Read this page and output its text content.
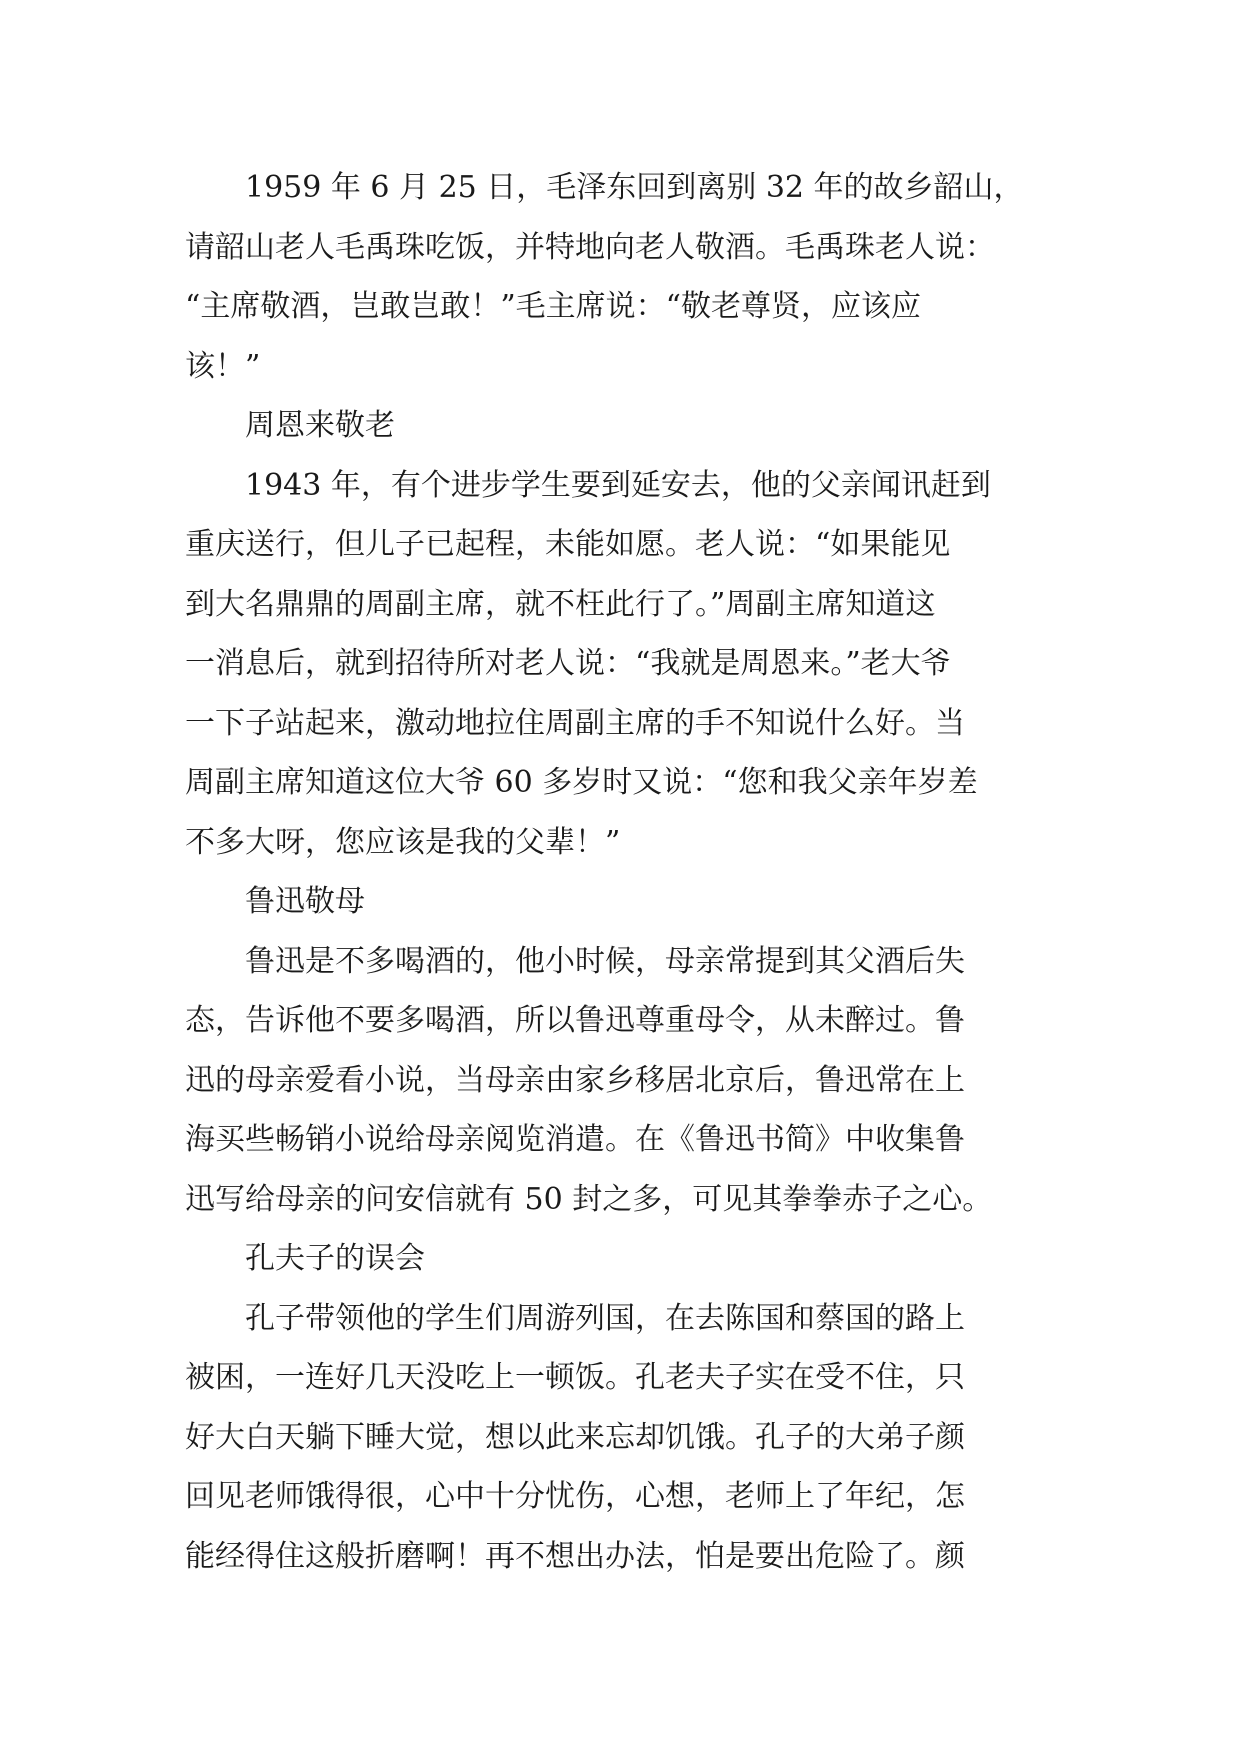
1959 年 6 月 25 日，毛泽东回到离别 32 年的故乡韶山，
请韶山老人毛禹珠吃饭，并特地向老人敬酒。毛禹珠老人说：
“主席敬酒，岂敢岂敢！”毛主席说：“敬老尊贤，应该应
该！”

周恩来敬老

1943 年，有个进步学生要到延安去，他的父亲闻讯赶到
重庆送行，但儿子已起程，未能如愿。老人说：“如果能见
到大名鼎鼎的周副主席，就不枉此行了。”周副主席知道这
一消息后，就到招待所对老人说：“我就是周恩来。”老大爷
一下子站起来，激动地拉住周副主席的手不知说什么好。当
周副主席知道这位大爷 60 多岁时又说：“您和我父亲年岁差
不多大呀，您应该是我的父辈！”

鲁迅敬母

鲁迅是不多喝酒的，他小时候，母亲常提到其父酒后失
态，告诉他不要多喝酒，所以鲁迅尊重母令，从未醉过。鲁
迅的母亲爱看小说，当母亲由家乡移居北京后，鲁迅常在上
海买些畅销小说给母亲阅览消遣。在《鲁迅书简》中收集鲁
迅写给母亲的问安信就有 50 封之多，可见其拳拳赤子之心。

孔夫子的误会

孔子带领他的学生们周游列国，在去陈国和蔡国的路上
被困，一连好几天没吃上一顿饭。孔老夫子实在受不住，只
好大白天躺下睡大觉，想以此来忘却饥饿。孔子的大弟子颜
回见老师饿得很，心中十分忧伤，心想，老师上了年纪，怎
能经得住这般折磨啊！再不想出办法，怕是要出危险了。颜
